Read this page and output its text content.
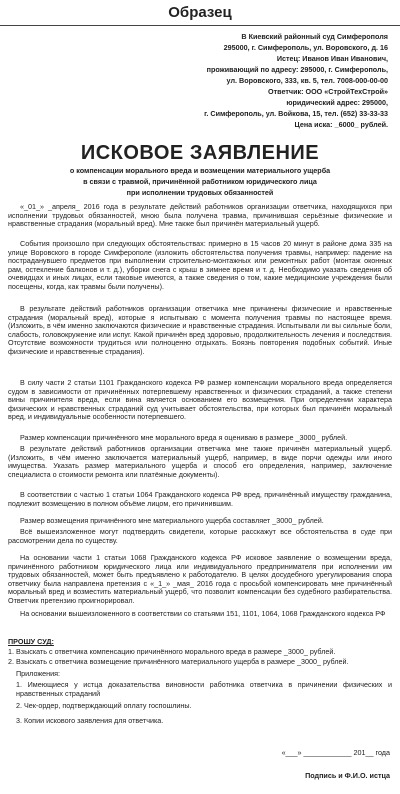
Образец

В Киевский районный суд Симферополя

295000, г. Симферополь, ул. Воровского, д. 16

Истец: Иванов Иван Иванович,

проживающий по адресу: 295000, г. Симферополь,

ул. Воровского, 333, кв. 5, тел. 7008-000-00-00

Ответчик: ООО «СтройТехСтрой»

юридический адрес: 295000,

г. Симферополь, ул. Войкова, 15, тел. (652) 33-33-33

Цена иска: _6000_ рублей.

ИСКОВОЕ ЗАЯВЛЕНИЕ

о компенсации морального вреда и возмещении материального ущерба

в связи с травмой, причинённой работником юридического лица

при исполнении трудовых обязанностей

«_01_» _апреля_ 2016 года в результате действий работников организации ответчика, находящихся при исполнении трудовых обязанностей, мною была получена травма, причинившая серьёзные физические и нравственные страдания (моральный вред). Мне также был причинён материальный ущерб.

События произошло при следующих обстоятельствах: примерно в 15 часов 20 минут в районе дома 335 на улице Воровского в городе Симферополе (изложить обстоятельства получения травмы, например: падение на постраданувшего предметов при выполнении строительно-монтажных или ремонтных работ (монтаж оконных рам, остекление балконов и т. д.), уборки снега с крыш в зимнее время и т. д. Необходимо указать сведения об очевидцах и иных лицах, если таковые имеются, а также сведения о том, какие медицинские учреждения были посещены, когда, как травмы были получены).

В результате действий работников организации ответчика мне причинены физические и нравственные страдания (моральный вред), которые я испытываю с момента получения травмы по настоящее время. (Изложить, в чём именно заключаются физические и нравственные страдания. Испытывали ли вы сильные боли, слабость, головокружение или испуг. Какой причинён вред здоровью, продолжительность лечения и последствия. Отсутствие возможности трудиться или полноценно отдыхать. Боязнь повторения подобных событий. Иные физические и нравственные страдания).

В силу части 2 статьи 1101 Гражданского кодекса РФ размер компенсации морального вреда определяется судом в зависимости от причинённых потерпевшему нравственных и физических страданий, а также степени вины причинителя вреда, если вина является основанием его возмещения. При определении характера физических и нравственных страданий суд учитывает обстоятельства, при которых был причинён моральный вред, и индивидуальные особенности потерпевшего.

Размер компенсации причинённого мне морального вреда я оцениваю в размере _3000_ рублей.

В результате действий работников организации ответчика мне также причинён материальный ущерб. (Изложить, в чём именно заключается материальный ущерб, например, в виде порчи одежды или иного имущества. Указать размер материального ущерба и способ его определения, например, заключение специалиста о стоимости ремонта или платёжные документы).

В соответствии с частью 1 статьи 1064 Гражданского кодекса РФ вред, причинённый имуществу гражданина, подлежит возмещению в полном объёме лицом, его причинившим.

Размер возмещения причинённого мне материального ущерба составляет _3000_ рублей.

Всё вышеизложенное могут подтвердить свидетели, которые расскажут все обстоятельства в суде при рассмотрении дела по существу.

На основании части 1 статьи 1068 Гражданского кодекса РФ исковое заявление о возмещении вреда, причинённого работником юридического лица или индивидуального предпринимателя при исполнении им трудовых обязанностей, может быть предъявлено к работодателю. В целях досудебного урегулирования спора ответчику была направлена претензия с «_1_» _мая_ 2016 года с просьбой компенсировать мне причинённый моральный вред и возместить материальный ущерб, что позволит компенсации без судебного разбирательства. Ответчик претензию проигнорировал.

На основании вышеизложенного в соответствии со статьями 151, 1101, 1064, 1068 Гражданского кодекса РФ

ПРОШУ СУД:

1. Взыскать с ответчика компенсацию причинённого морального вреда в размере _3000_ рублей.

2. Взыскать с ответчика возмещение причинённого материального ущерба в размере _3000_ рублей.

Приложения:

1. Имеющиеся у истца доказательства виновности работника ответчика в причинении физических и нравственных страданий

2. Чек-ордер, подтверждающий оплату госпошлины.

3. Копии искового заявления для ответчика.

«___» ____________ 201__ года

Подпись и Ф.И.О. истца
